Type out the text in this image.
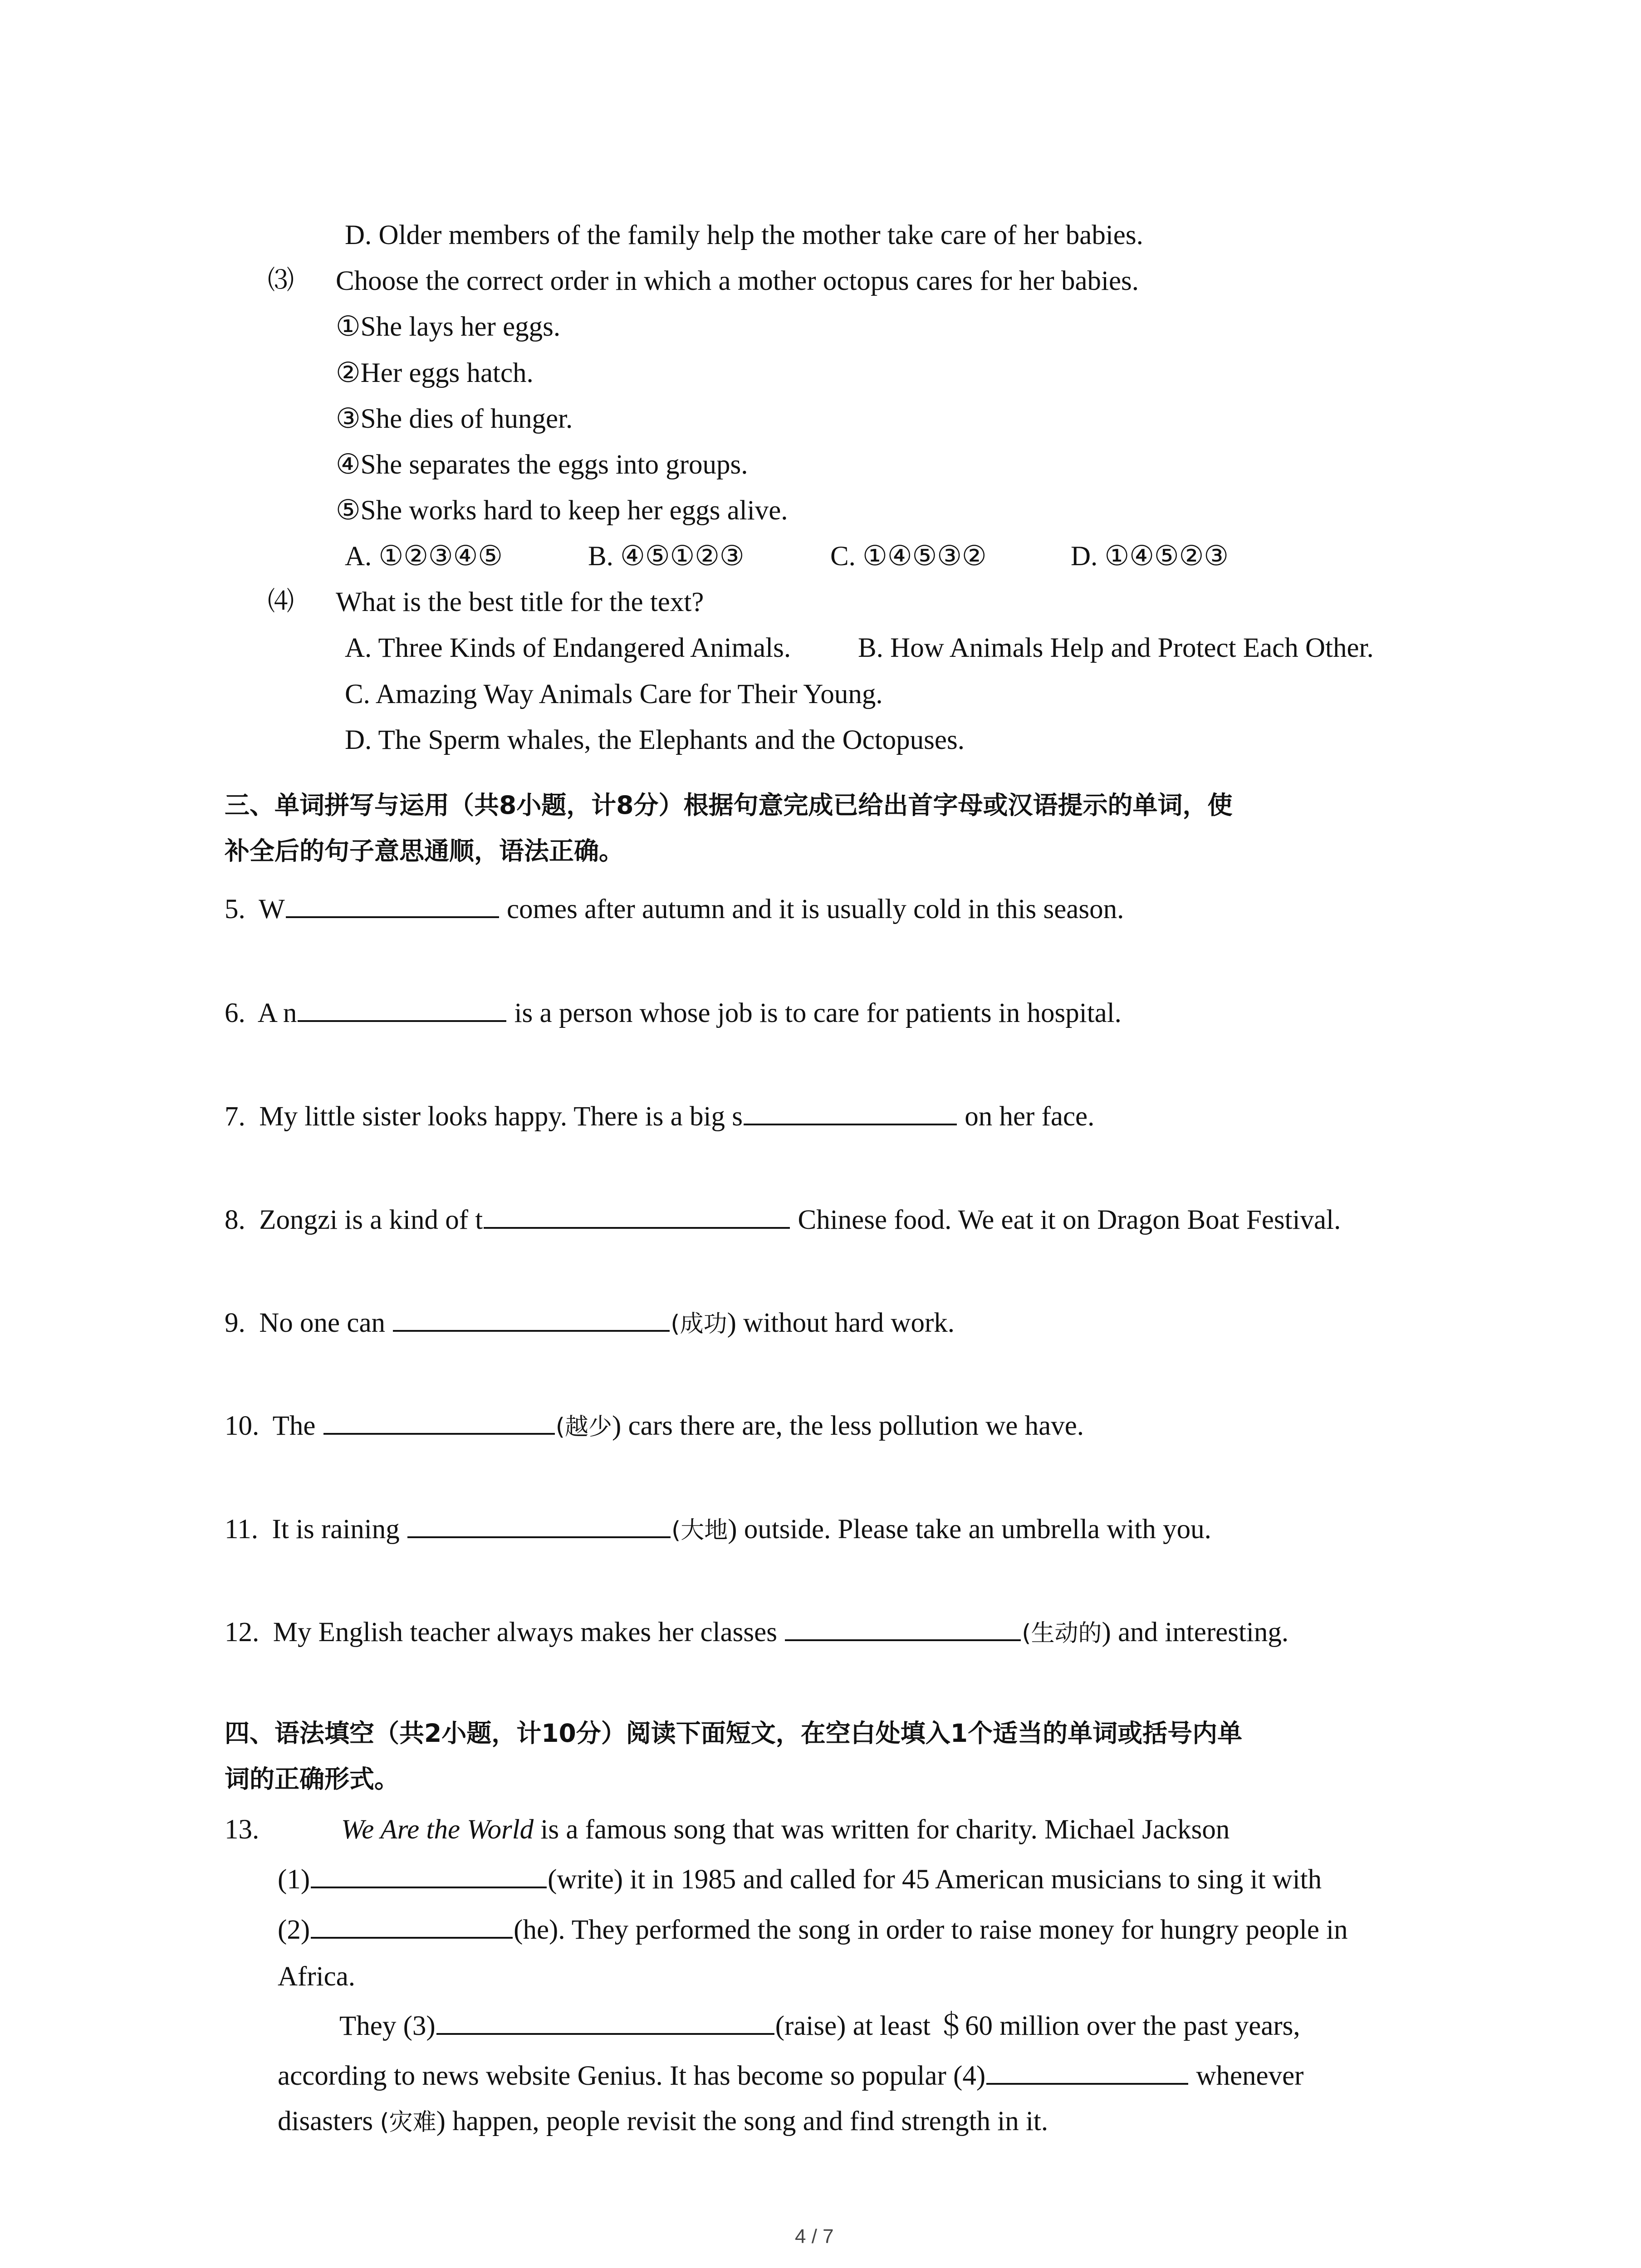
D. Older members of the family help the mother take care of her babies.
⑶ Choose the correct order in which a mother octopus cares for her babies.
①She lays her eggs.
②Her eggs hatch.
③She dies of hunger.
④She separates the eggs into groups.
⑤She works hard to keep her eggs alive.
A. ①②③④⑤	B. ④⑤①②③	C. ①④⑤③②	D. ①④⑤②③
⑷ What is the best title for the text?
A. Three Kinds of Endangered Animals. B. How Animals Help and Protect Each Other.
C. Amazing Way Animals Care for Their Young.
D. The Sperm whales, the Elephants and the Octopuses.
三、单词拼写与运用（共8小题，计8分）根据句意完成已给出首字母或汉语提示的单词，使
补全后的句子意思通顺，语法正确。
5. W	comes after autumn and it is usually cold in this season.
6. A n	is a person whose job is to care for patients in hospital.
7. My little sister looks happy. There is a big s	on her face.
8. Zongzi is a kind of t	Chinese food. We eat it on Dragon Boat Festival.
9. No one can	(成功) without hard work.
10. The	(越少) cars there are, the less pollution we have.
11. It is raining	(大地) outside. Please take an umbrella with you.
12. My English teacher always makes her classes	(生动的) and interesting.
四、语法填空（共2小题，计10分）阅读下面短文，在空白处填入1个适当的单词或括号内单
词的正确形式。
13.	We Are the World is a famous song that was written for charity. Michael Jackson
(1)	(write) it in 1985 and called for 45 American musicians to sing it with
(2)	(he). They performed the song in order to raise money for hungry people in
Africa.
They (3)	(raise) at least ＄60 million over the past years,
according to news website Genius. It has become so popular (4)	whenever
disasters (灾难) happen, people revisit the song and find strength in it.
4 / 7
